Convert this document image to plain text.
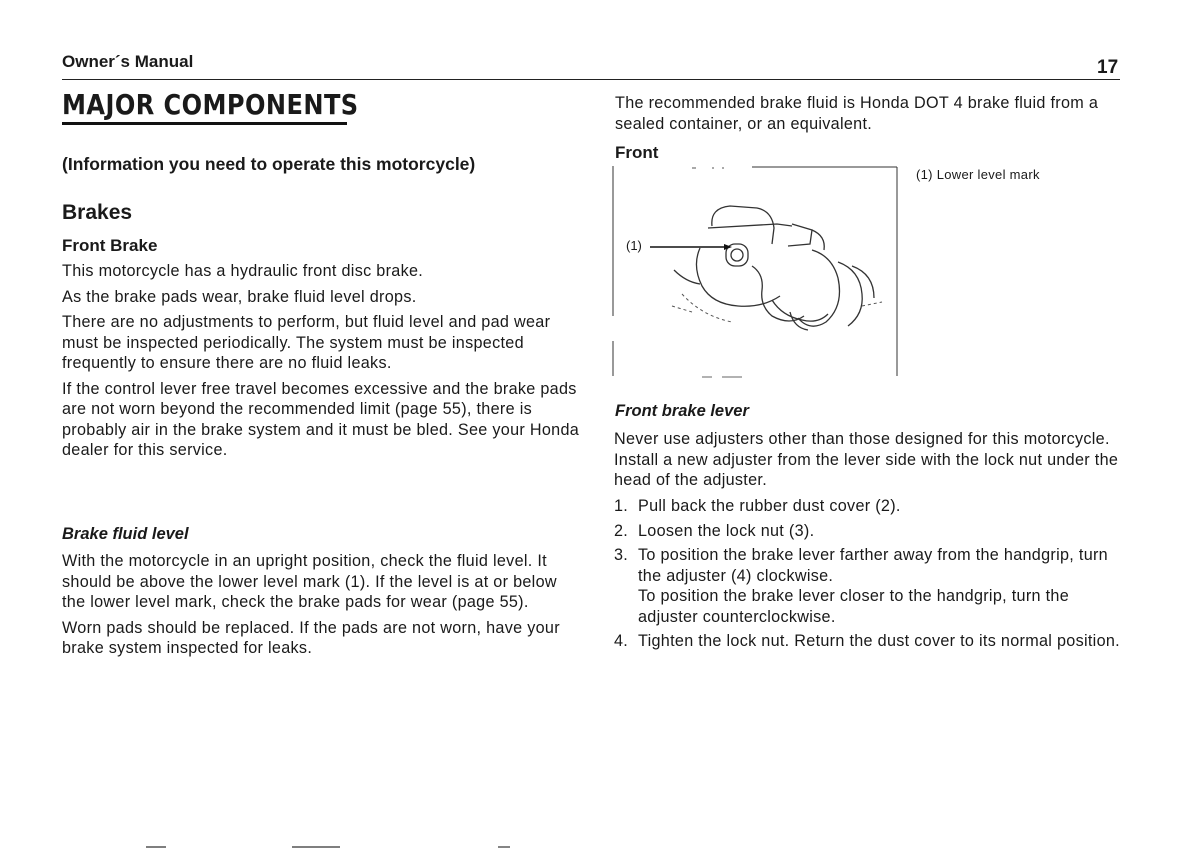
Owner´s Manual	17
MAJOR COMPONENTS
(Information you need to operate this motorcycle)
Brakes
Front Brake

This motorcycle has a hydraulic front disc brake.

As the brake pads wear, brake fluid level drops.

There are no adjustments to perform, but fluid level and pad wear must be inspected periodically. The system must be inspected frequently to ensure there are no fluid leaks.

If the control lever free travel becomes excessive and the brake pads are not worn beyond the recommended limit (page 55), there is probably air in the brake system and it must be bled. See your Honda dealer for this service.

Brake fluid level

With the motorcycle in an upright position, check the fluid level. It should be above the lower level mark (1). If the level is at or below the lower level mark, check the brake pads for wear (page 55).

Worn pads should be replaced. If the pads are not worn, have your brake system inspected for leaks.

The recommended brake fluid is Honda DOT 4 brake fluid from a sealed container, or an equivalent.

Front
(1) Lower level mark
(1)
Front brake lever

Never use adjusters other than those designed for this motorcycle. Install a new adjuster from the lever side with the lock nut under the head of the adjuster.

1. Pull back the rubber dust cover (2).
2. Loosen the lock nut (3).
3. To position the brake lever farther away from the handgrip, turn the adjuster (4) clockwise.
To position the brake lever closer to the handgrip, turn the adjuster counterclockwise.
4. Tighten the lock nut. Return the dust cover to its normal position.
